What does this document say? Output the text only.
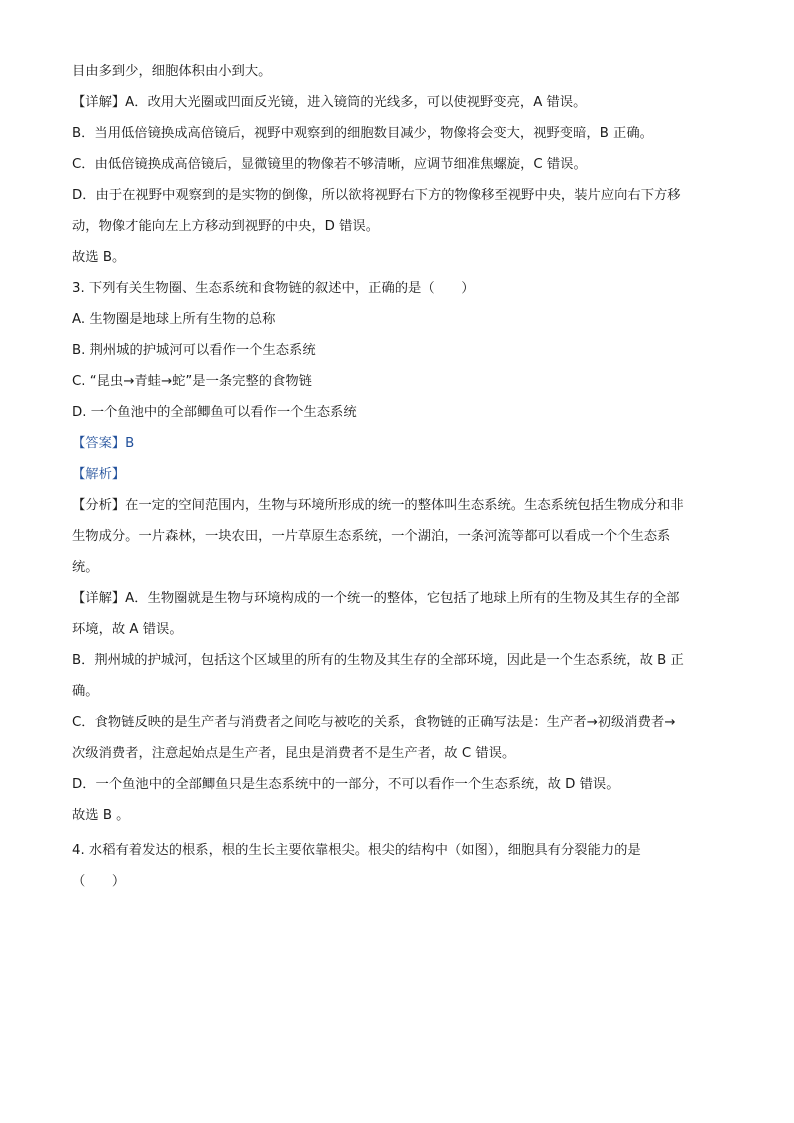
目由多到少，细胞体积由小到大。

【详解】A．改用大光圈或凹面反光镜，进入镜筒的光线多，可以使视野变亮，A 错误。

B．当用低倍镜换成高倍镜后，视野中观察到的细胞数目减少，物像将会变大，视野变暗，B 正确。

C．由低倍镜换成高倍镜后，显微镜里的物像若不够清晰，应调节细准焦螺旋，C 错误。

D．由于在视野中观察到的是实物的倒像，所以欲将视野右下方的物像移至视野中央，装片应向右下方移

动，物像才能向左上方移动到视野的中央，D 错误。

故选 B。

3. 下列有关生物圈、生态系统和食物链的叙述中，正确的是（　　）

A. 生物圈是地球上所有生物的总称

B. 荆州城的护城河可以看作一个生态系统

C. “昆虫→青蛙→蛇”是一条完整的食物链

D. 一个鱼池中的全部鲫鱼可以看作一个生态系统

【答案】B

【解析】

【分析】在一定的空间范围内，生物与环境所形成的统一的整体叫生态系统。生态系统包括生物成分和非

生物成分。一片森林，一块农田，一片草原生态系统，一个湖泊，一条河流等都可以看成一个个生态系

统。

【详解】A．生物圈就是生物与环境构成的一个统一的整体，它包括了地球上所有的生物及其生存的全部

环境，故 A 错误。

B．荆州城的护城河，包括这个区域里的所有的生物及其生存的全部环境，因此是一个生态系统，故 B 正

确。

C．食物链反映的是生产者与消费者之间吃与被吃的关系，食物链的正确写法是：生产者→初级消费者→

次级消费者，注意起始点是生产者，昆虫是消费者不是生产者，故 C 错误。

D．一个鱼池中的全部鲫鱼只是生态系统中的一部分，不可以看作一个生态系统，故 D 错误。

故选 B 。

4. 水稻有着发达的根系，根的生长主要依靠根尖。根尖的结构中（如图），细胞具有分裂能力的是

（　　）
